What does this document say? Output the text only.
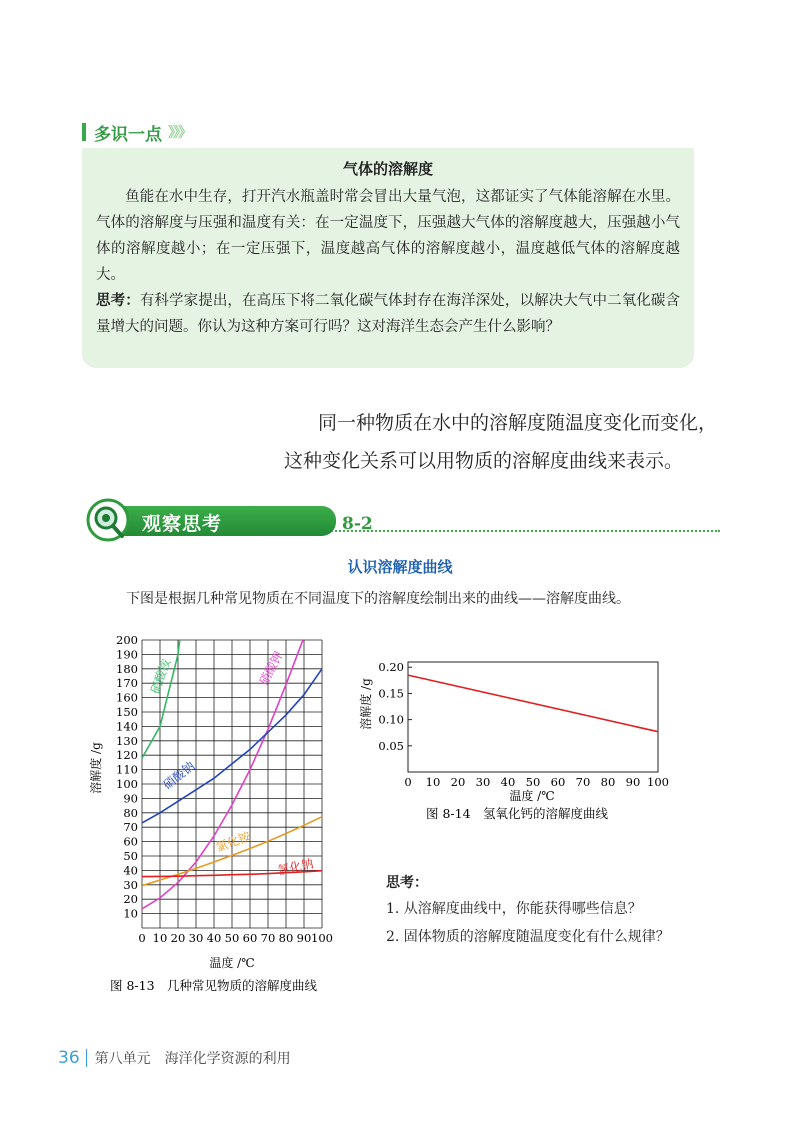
多识一点 》》》
气体的溶解度
鱼能在水中生存，打开汽水瓶盖时常会冒出大量气泡，这都证实了气体能溶解在水里。气体的溶解度与压强和温度有关：在一定温度下，压强越大气体的溶解度越大，压强越小气体的溶解度越小；在一定压强下，温度越高气体的溶解度越小，温度越低气体的溶解度越大。
思考：有科学家提出，在高压下将二氧化碳气体封存在海洋深处，以解决大气中二氧化碳含量增大的问题。你认为这种方案可行吗？这对海洋生态会产生什么影响？
同一种物质在水中的溶解度随温度变化而变化，
这种变化关系可以用物质的溶解度曲线来表示。
观察思考	8-2
认识溶解度曲线
下图是根据几种常见物质在不同温度下的溶解度绘制出来的曲线——溶解度曲线。
0 10 20 30 40 50 60 70 80 90 100
10
20
30
40
50
60
70
80
90
100
110
120
130
140
150
160
170
180
190
200
硝酸铵	硝酸钾
硝酸钠
氯化铵
氯化钠
溶解度 /g
温度 /℃
图 8-13　几种常见物质的溶解度曲线
0 10 20 30 40 50 60 70 80 90 100
0.05
0.10
0.15
0.20
溶解度 /g
温度 /℃
图 8-14　氢氧化钙的溶解度曲线
思考：
1. 从溶解度曲线中，你能获得哪些信息？
2. 固体物质的溶解度随温度变化有什么规律？
36 第八单元 海洋化学资源的利用
